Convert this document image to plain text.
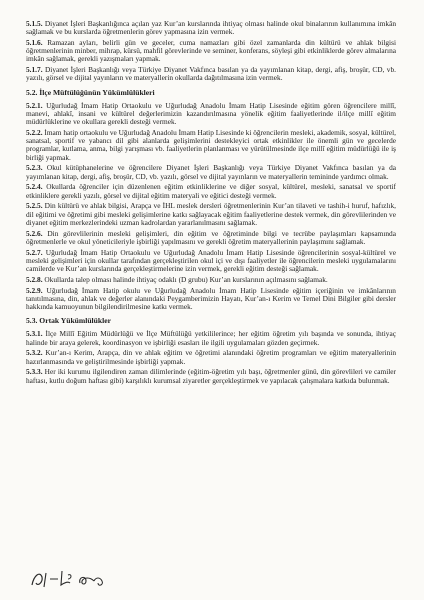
5.1.5. Diyanet İşleri Başkanlığınca açılan yaz Kur’an kurslarında ihtiyaç olması halinde okul binalarının kullanımına imkân sağlamak ve bu kurslarda öğretmenlerin görev yapmasına izin vermek.

5.1.6. Ramazan ayları, belirli gün ve geceler, cuma namazları gibi özel zamanlarda din kültürü ve ahlak bilgisi öğretmenlerinin minber, mihrap, kürsü, mahfil görevlerinde ve seminer, konferans, söyleşi gibi etkinliklerde görev almalarına imkân sağlamak, gerekli yazışmaları yapmak.

5.1.7. Diyanet İşleri Başkanlığı veya Türkiye Diyanet Vakfınca basılan ya da yayımlanan kitap, dergi, afiş, broşür, CD, vb. yazılı, görsel ve dijital yayınların ve materyallerin okullarda dağıtılmasına izin vermek.

5.2. İlçe Müftülüğünün Yükümlülükleri

5.2.1. Uğurludağ İmam Hatip Ortaokulu ve Uğurludağ Anadolu İmam Hatip Lisesinde eğitim gören öğrencilere millî, manevi, ahlakî, insani ve kültürel değerlerimizin kazandırılmasına yönelik eğitim faaliyetlerinde il/ilçe millî eğitim müdürlüklerine ve okullara gerekli desteği vermek.

5.2.2. İmam hatip ortaokulu ve Uğurludağ Anadolu İmam Hatip Lisesinde ki öğrencilerin mesleki, akademik, sosyal, kültürel, sanatsal, sportif ve yabancı dil gibi alanlarda gelişimlerini destekleyici ortak etkinlikler ile önemli gün ve gecelerde programlar, kutlama, anma, bilgi yarışması vb. faaliyetlerin planlanması ve yürütülmesinde ilçe millî eğitim müdürlüğü ile iş birliği yapmak.

5.2.3. Okul kütüphanelerine ve öğrencilere Diyanet İşleri Başkanlığı veya Türkiye Diyanet Vakfınca basılan ya da yayımlanan kitap, dergi, afiş, broşür, CD, vb. yazılı, görsel ve dijital yayınların ve materyallerin temininde yardımcı olmak.

5.2.4. Okullarda öğrenciler için düzenlenen eğitim etkinliklerine ve diğer sosyal, kültürel, mesleki, sanatsal ve sportif etkinliklere gerekli yazılı, görsel ve dijital eğitim materyali ve eğitici desteği vermek.

5.2.5. Din kültürü ve ahlak bilgisi, Arapça ve İHL meslek dersleri öğretmenlerinin Kur’an tilaveti ve tashih-i huruf, hafızlık, dil eğitimi ve öğretimi gibi mesleki gelişimlerine katkı sağlayacak eğitim faaliyetlerine destek vermek, din görevlilerinden ve diyanet eğitim merkezlerindeki uzman kadrolardan yararlanılmasını sağlamak.

5.2.6. Din görevlilerinin mesleki gelişimleri, din eğitim ve öğretiminde bilgi ve tecrübe paylaşımları kapsamında öğretmenlerle ve okul yöneticileriyle işbirliği yapılmasını ve gerekli öğretim materyallerinin paylaşımını sağlamak.

5.2.7. Uğurludağ İmam Hatip Ortaokulu ve Uğurludağ Anadolu İmam Hatip Lisesinde öğrencilerinin sosyal-kültürel ve mesleki gelişimleri için okullar tarafından gerçekleştirilen okul içi ve dışı faaliyetler ile öğrencilerin mesleki uygulamalarını camilerde ve Kur’an kurslarında gerçekleştirmelerine izin vermek, gerekli eğitim desteği sağlamak.

5.2.8. Okullarda talep olması halinde ihtiyaç odaklı (D grubu) Kur’an kurslarının açılmasını sağlamak.

5.2.9. Uğurludağ İmam Hatip okulu ve Uğurludağ Anadolu İmam Hatip Lisesinde eğitim içeriğinin ve imkânlarının tanıtılmasına, din, ahlak ve değerler alanındaki Peygamberimizin Hayatı, Kur’an-ı Kerim ve Temel Dini Bilgiler gibi dersler hakkında kamuoyunun bilgilendirilmesine katkı vermek.

5.3. Ortak Yükümlülükler

5.3.1. İlçe Millî Eğitim Müdürlüğü ve İlçe Müftülüğü yetkililerince; her eğitim öğretim yılı başında ve sonunda, ihtiyaç halinde bir araya gelerek, koordinasyon ve işbirliği esasları ile ilgili uygulamaları gözden geçirmek.

5.3.2. Kur’an-ı Kerim, Arapça, din ve ahlak eğitim ve öğretimi alanındaki öğretim programları ve eğitim materyallerinin hazırlanmasında ve geliştirilmesinde işbirliği yapmak.

5.3.3. Her iki kurumu ilgilendiren zaman dilimlerinde (eğitim-öğretim yılı başı, öğretmenler günü, din görevlileri ve camiler haftası, kutlu doğum haftası gibi) karşılıklı kurumsal ziyaretler gerçekleştirmek ve yapılacak çalışmalara katkıda bulunmak.
